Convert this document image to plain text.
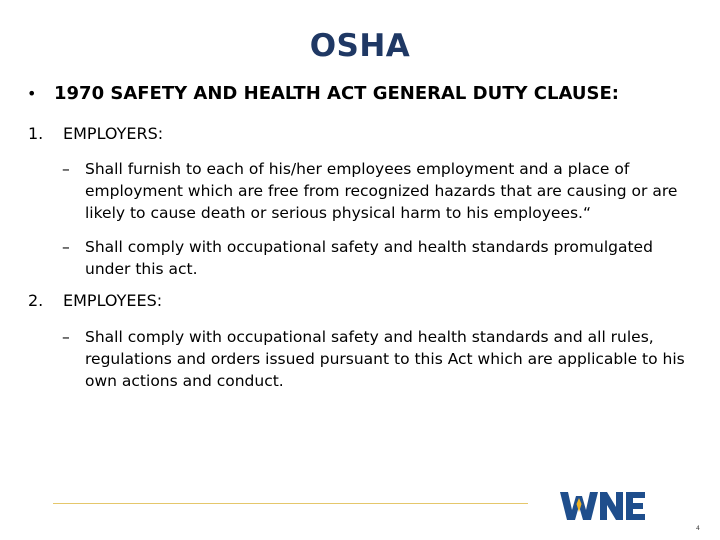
OSHA
• 1970 SAFETY AND HEALTH ACT GENERAL DUTY CLAUSE:
1.	EMPLOYERS:
– Shall furnish to each of his/her employees employment and a place of employment which are free from recognized hazards that are causing or are likely to cause death or serious physical harm to his employees.“
– Shall comply with occupational safety and health standards promulgated under this act.
2.	EMPLOYEES:
– Shall comply with occupational safety and health standards and all rules, regulations and orders issued pursuant to this Act which are applicable to his own actions and conduct.
4
